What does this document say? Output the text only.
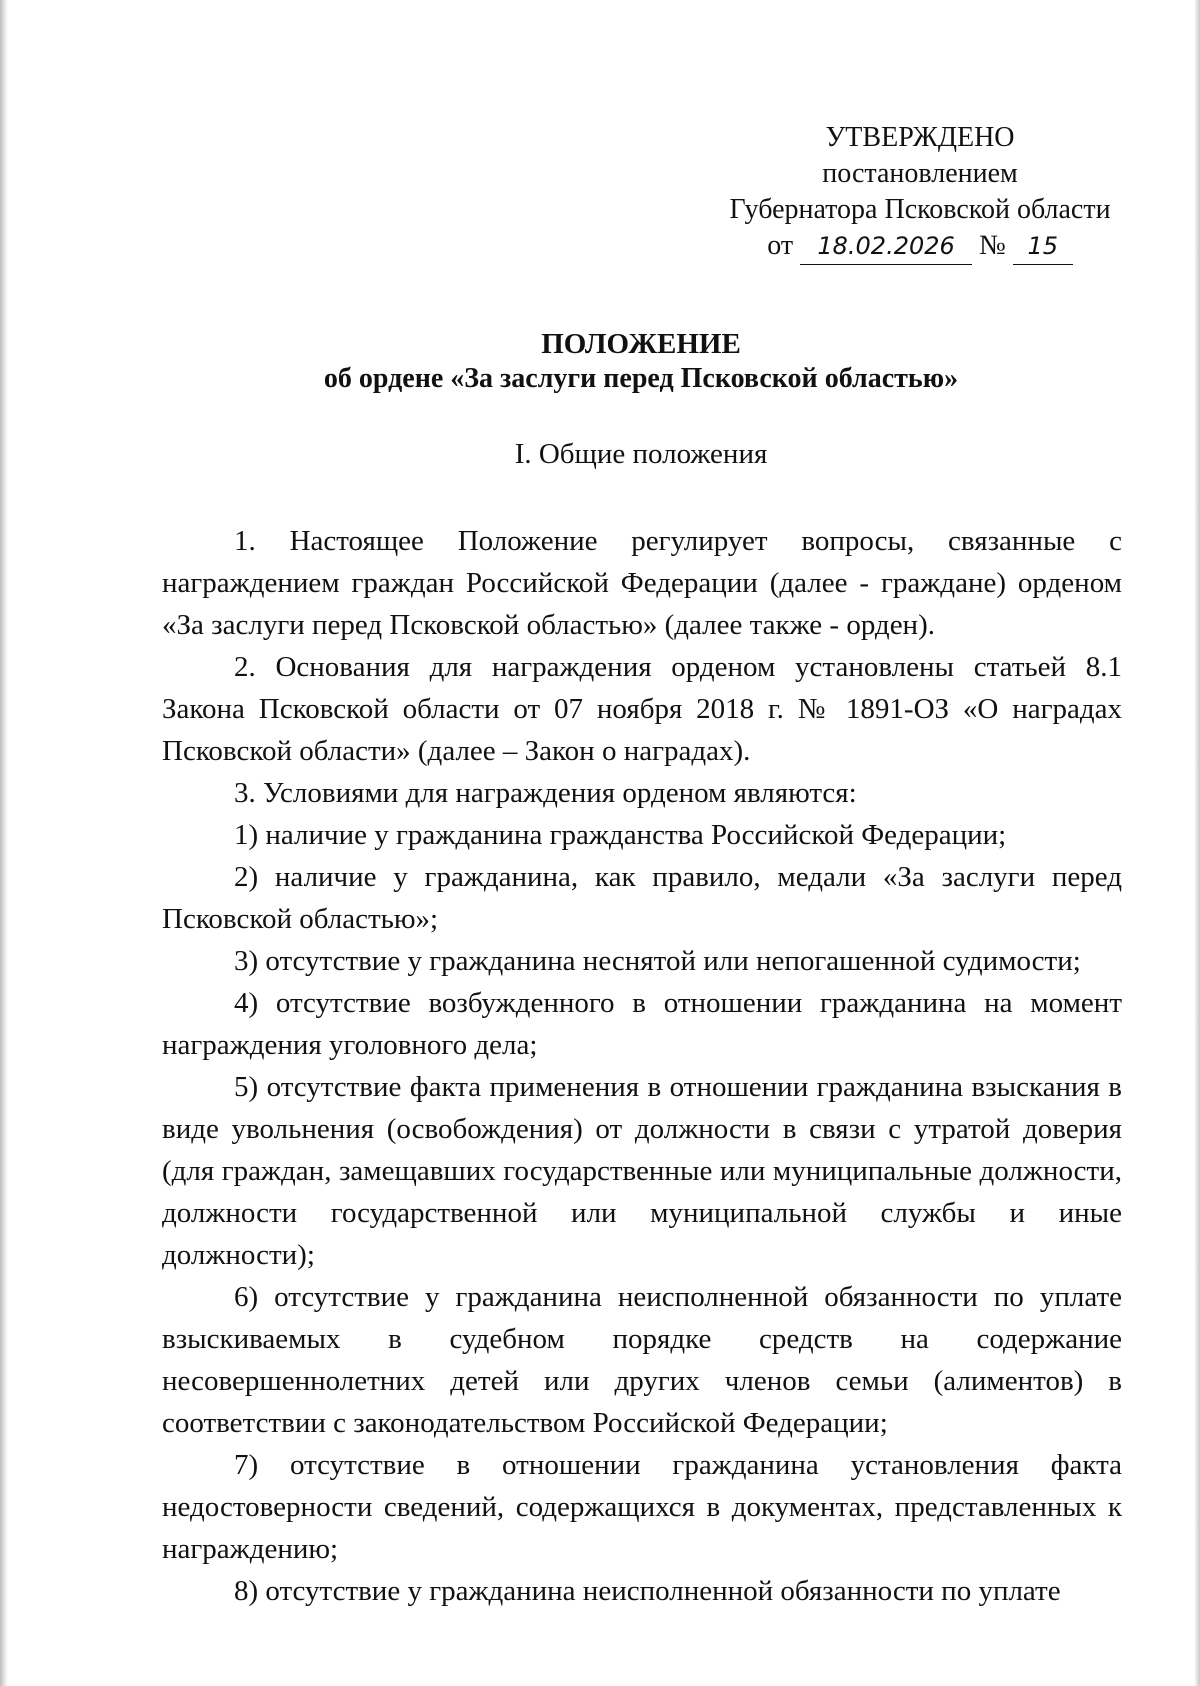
УТВЕРЖДЕНО
постановлением
Губернатора Псковской области
от 18.02.2026 № 15
ПОЛОЖЕНИЕ
об ордене «За заслуги перед Псковской областью»
I. Общие положения

1. Настоящее Положение регулирует вопросы, связанные с награждением граждан Российской Федерации (далее - граждане) орденом «За заслуги перед Псковской областью» (далее также - орден).

2. Основания для награждения орденом установлены статьей 8.1 Закона Псковской области от 07 ноября 2018 г. № 1891-ОЗ «О наградах Псковской области» (далее – Закон о наградах).

3. Условиями для награждения орденом являются:

1) наличие у гражданина гражданства Российской Федерации;

2) наличие у гражданина, как правило, медали «За заслуги перед Псковской областью»;

3) отсутствие у гражданина неснятой или непогашенной судимости;

4) отсутствие возбужденного в отношении гражданина на момент награждения уголовного дела;

5) отсутствие факта применения в отношении гражданина взыскания в виде увольнения (освобождения) от должности в связи с утратой доверия (для граждан, замещавших государственные или муниципальные должности, должности государственной или муниципальной службы и иные должности);

6) отсутствие у гражданина неисполненной обязанности по уплате взыскиваемых в судебном порядке средств на содержание несовершеннолетних детей или других членов семьи (алиментов) в соответствии с законодательством Российской Федерации;

7) отсутствие в отношении гражданина установления факта недостоверности сведений, содержащихся в документах, представленных к награждению;

8) отсутствие у гражданина неисполненной обязанности по уплате
